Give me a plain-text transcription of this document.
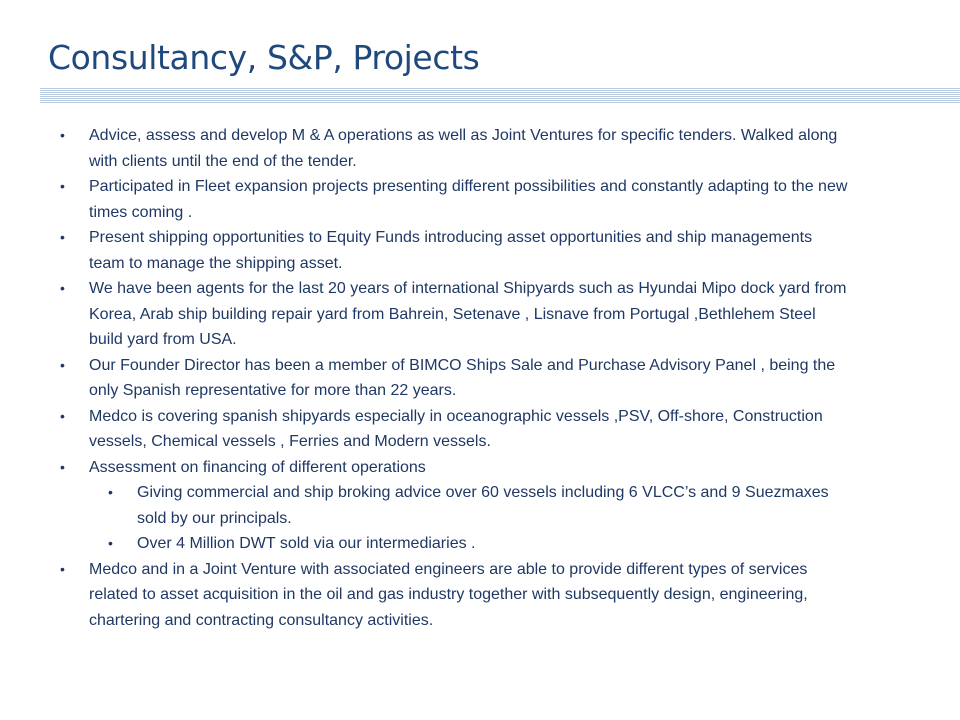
Consultancy, S&P, Projects
• Advice, assess and develop M & A operations as well as Joint Ventures for specific tenders. Walked along with clients until the end of the tender.
• Participated in Fleet expansion projects presenting different possibilities and constantly adapting to the new times coming .
• Present shipping opportunities to Equity Funds introducing asset opportunities and ship managements team to manage the shipping asset.
• We have been agents for the last 20 years of international Shipyards such as Hyundai Mipo dock yard from Korea, Arab ship building repair yard from Bahrein, Setenave , Lisnave from Portugal ,Bethlehem Steel build yard from USA.
• Our Founder Director has been a member of BIMCO Ships Sale and Purchase Advisory Panel , being the only Spanish representative for more than 22 years.
• Medco is covering spanish shipyards especially in oceanographic vessels ,PSV, Off-shore, Construction vessels, Chemical vessels , Ferries and Modern vessels.
• Assessment on financing of different operations
• Giving commercial and ship broking advice over 60 vessels including 6 VLCC’s and 9 Suezmaxes sold by our principals.
• Over 4 Million DWT sold via our intermediaries .
• Medco and in a Joint Venture with associated engineers are able to provide different types of services related to asset acquisition in the oil and gas industry together with subsequently design, engineering, chartering and contracting consultancy activities.
